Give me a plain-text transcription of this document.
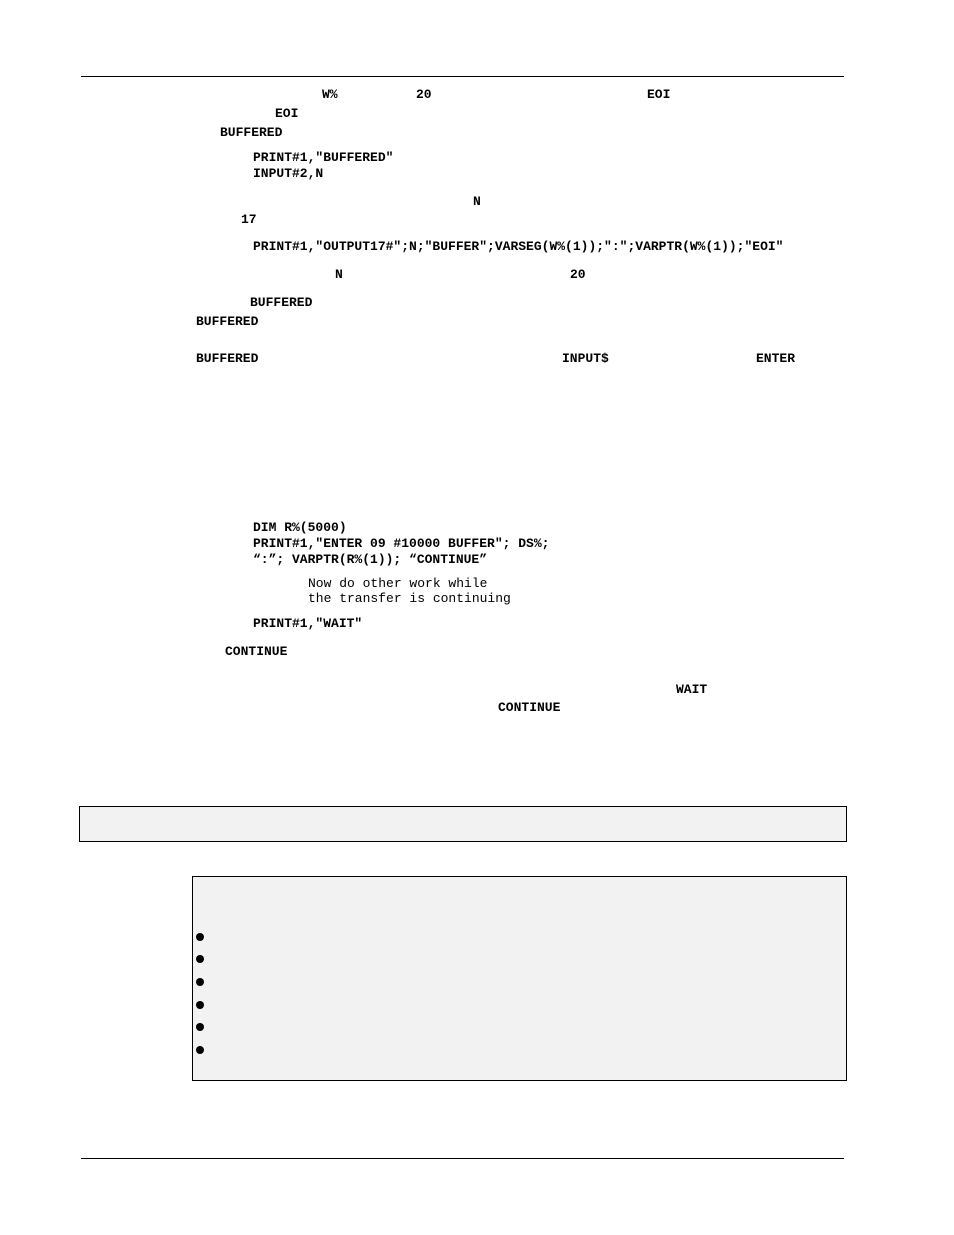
W%	20	EOI
EOI
BUFFERED
PRINT#1,"BUFFERED"
INPUT#2,N
N
17
PRINT#1,"OUTPUT17#";N;"BUFFER";VARSEG(W%(1));":";VARPTR(W%(1));"EOI"
N	20
BUFFERED
BUFFERED
BUFFERED	INPUT$	ENTER
DIM R%(5000)
PRINT#1,"ENTER 09 #10000 BUFFER"; DS%;
“:”; VARPTR(R%(1)); “CONTINUE”
Now do other work while
the transfer is continuing
PRINT#1,"WAIT"
CONTINUE
WAIT
CONTINUE
